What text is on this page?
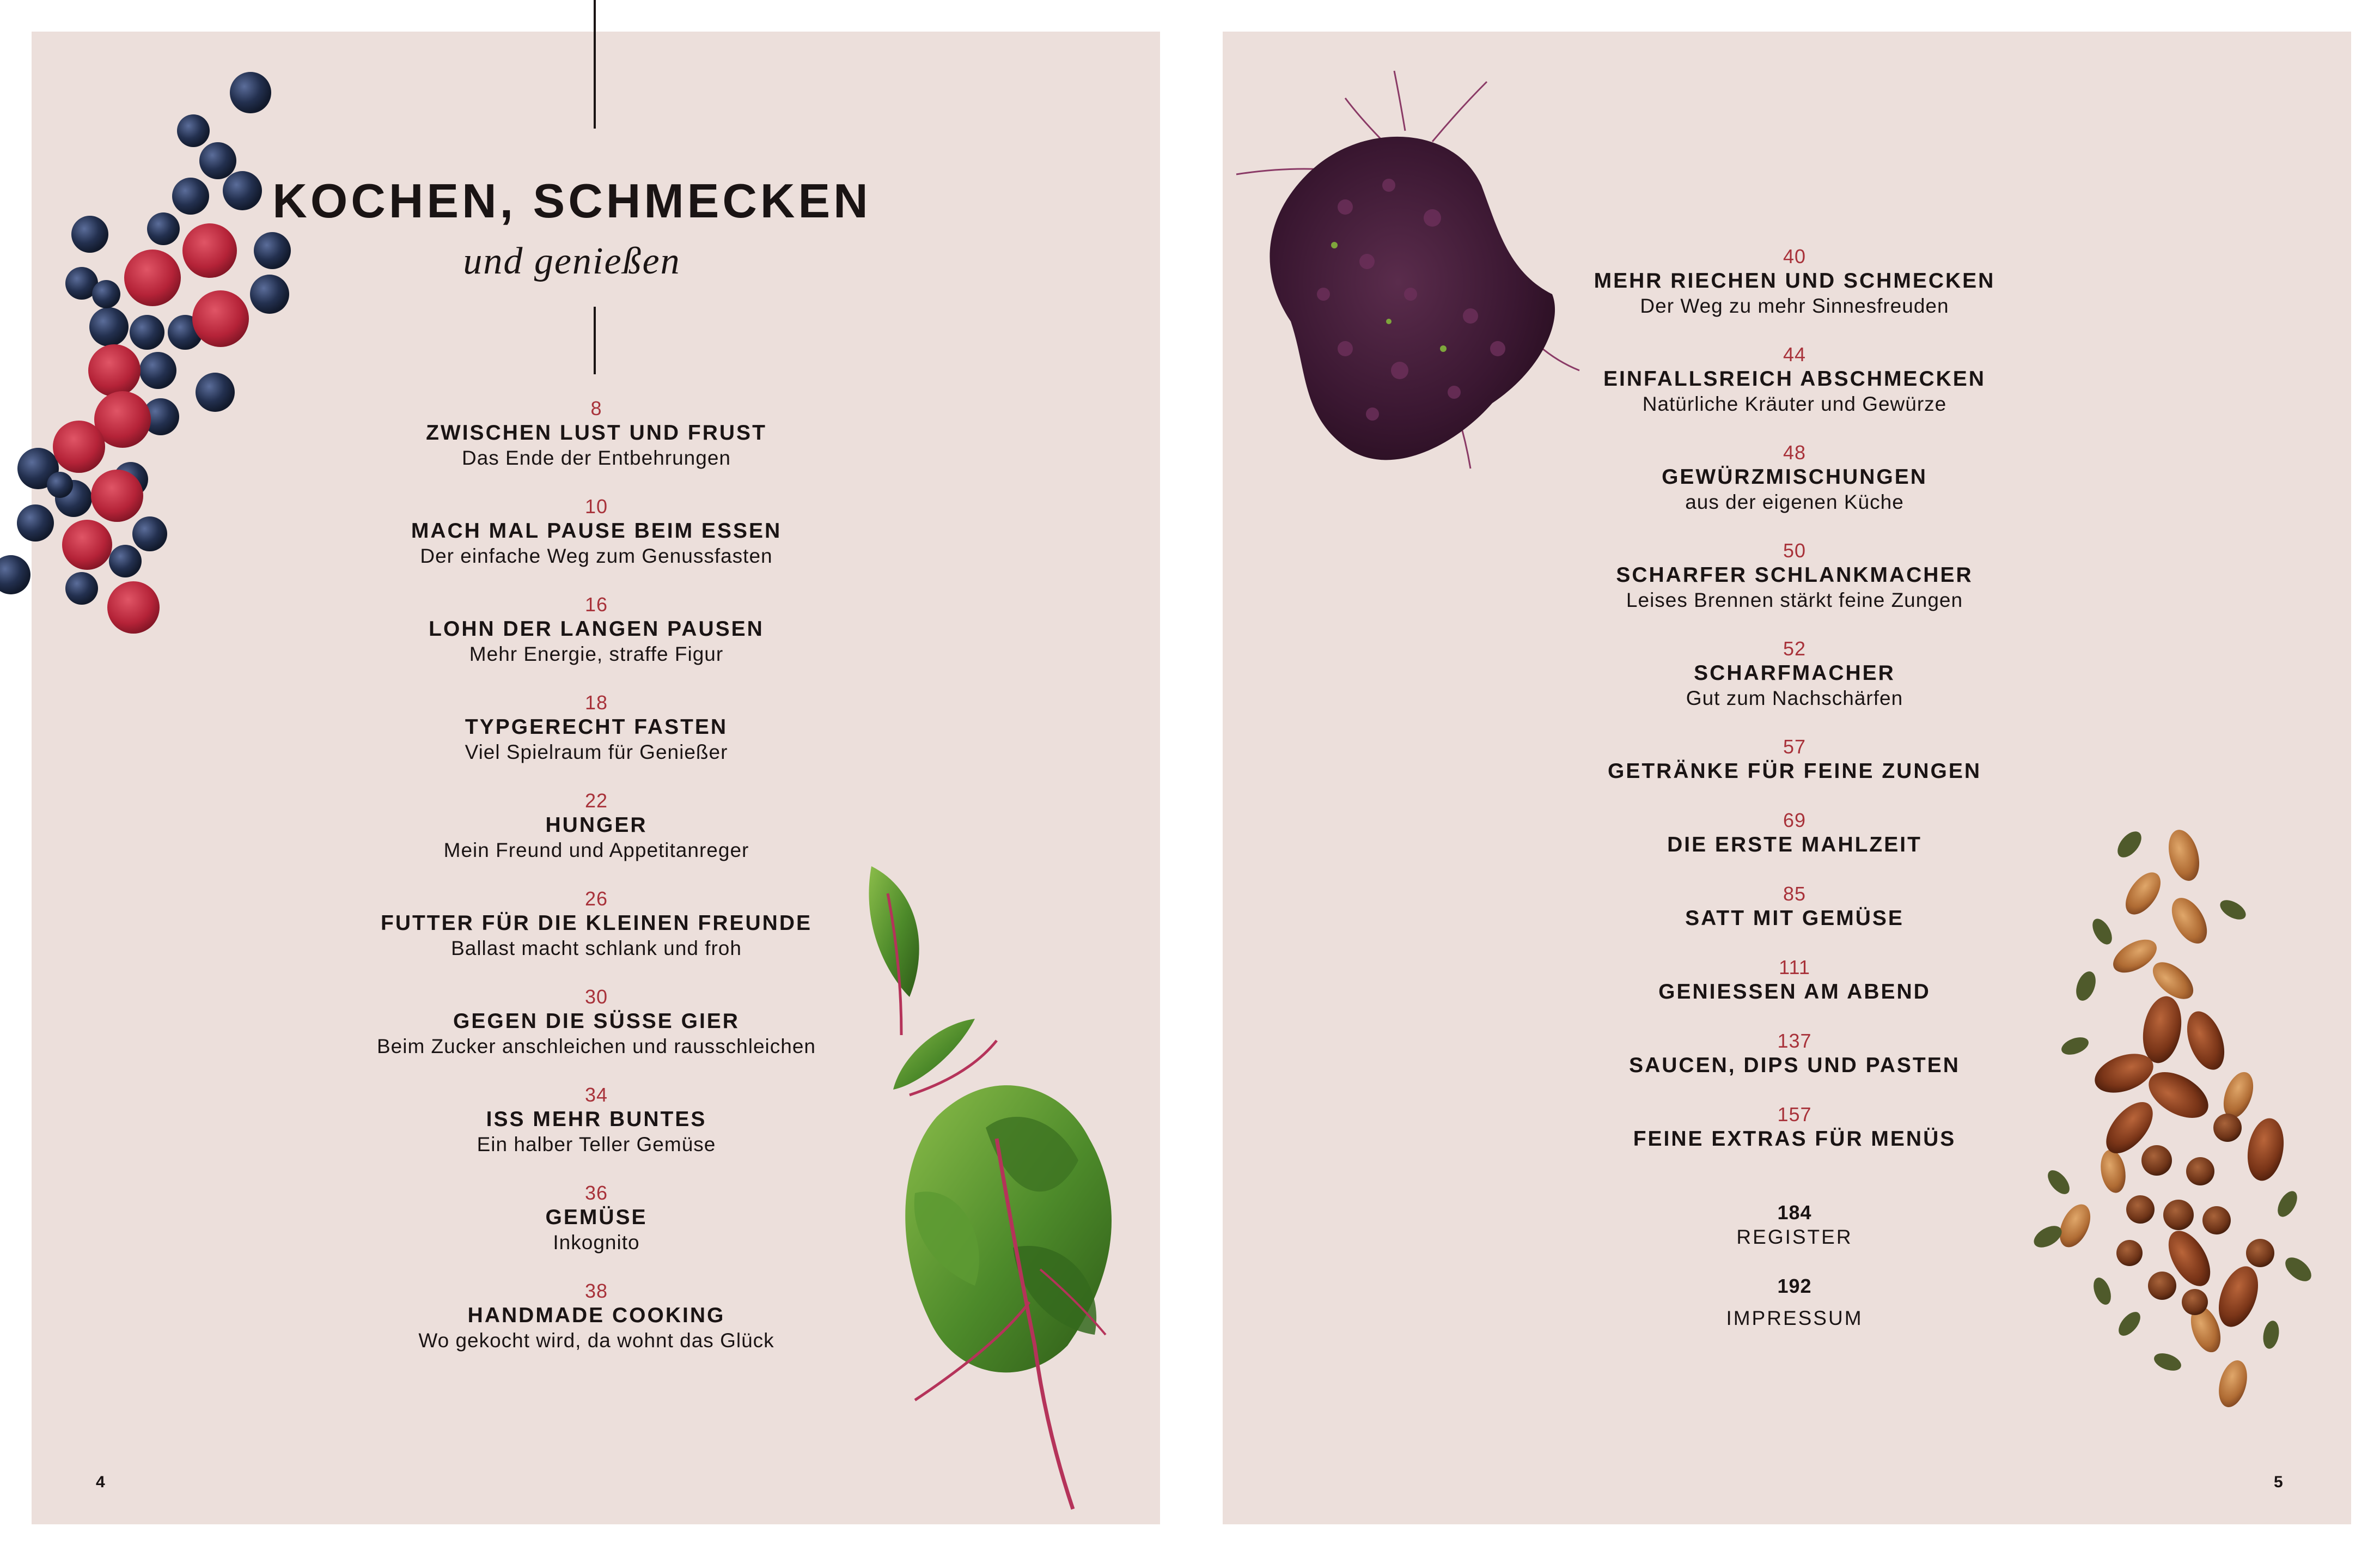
KOCHEN, SCHMECKEN
und genießen
8
ZWISCHEN LUST UND FRUST
Das Ende der Entbehrungen
10
MACH MAL PAUSE BEIM ESSEN
Der einfache Weg zum Genussfasten
16
LOHN DER LANGEN PAUSEN
Mehr Energie, straffe Figur
18
TYPGERECHT FASTEN
Viel Spielraum für Genießer
22
HUNGER
Mein Freund und Appetitanreger
26
FUTTER FÜR DIE KLEINEN FREUNDE
Ballast macht schlank und froh
30
GEGEN DIE SÜSSE GIER
Beim Zucker anschleichen und rausschleichen
34
ISS MEHR BUNTES
Ein halber Teller Gemüse
36
GEMÜSE
Inkognito
38
HANDMADE COOKING
Wo gekocht wird, da wohnt das Glück
40
MEHR RIECHEN UND SCHMECKEN
Der Weg zu mehr Sinnesfreuden
44
EINFALLSREICH ABSCHMECKEN
Natürliche Kräuter und Gewürze
48
GEWÜRZMISCHUNGEN
aus der eigenen Küche
50
SCHARFER SCHLANKMACHER
Leises Brennen stärkt feine Zungen
52
SCHARFMACHER
Gut zum Nachschärfen
57
GETRÄNKE FÜR FEINE ZUNGEN
69
DIE ERSTE MAHLZEIT
85
SATT MIT GEMÜSE
111
GENIESSEN AM ABEND
137
SAUCEN, DIPS UND PASTEN
157
FEINE EXTRAS FÜR MENÜS
184
REGISTER
192
IMPRESSUM
4	5
